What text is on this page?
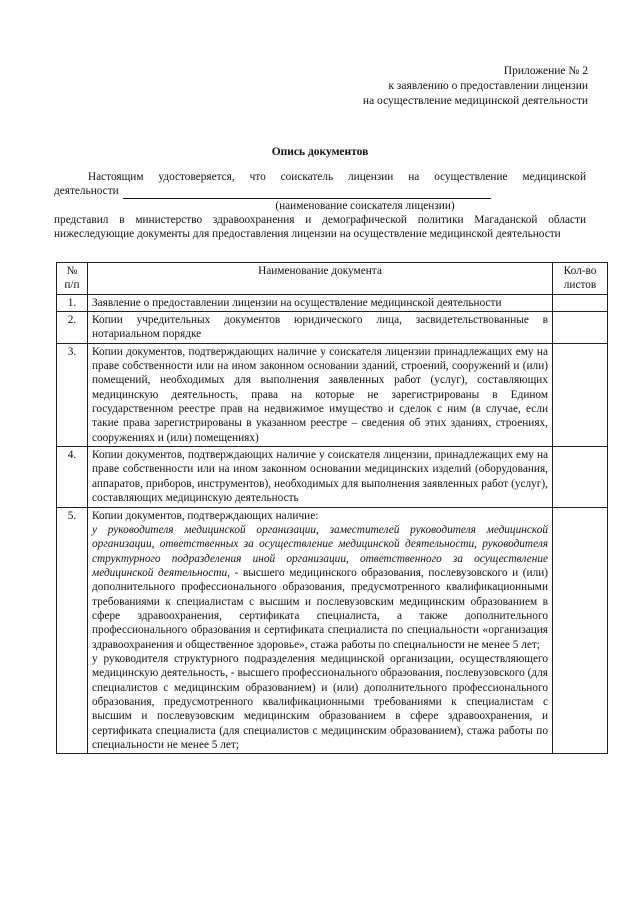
Приложение № 2
к заявлению о предоставлении лицензии
на осуществление медицинской деятельности
Опись документов
Настоящим удостоверяется, что соискатель лицензии на осуществление медицинской
деятельности
(наименование соискателя лицензии)
представил в министерство здравоохранения и демографической политики Магаданской области нижеследующие документы для предоставления лицензии на осуществление медицинской деятельности
№ п/п	Наименование документа	Кол-во листов
1.	Заявление о предоставлении лицензии на осуществление медицинской деятельности	
2.	Копии учредительных документов юридического лица, засвидетельствованные в нотариальном порядке	
3.	Копии документов, подтверждающих наличие у соискателя лицензии принадлежащих ему на праве собственности или на ином законном основании зданий, строений, сооружений и (или) помещений, необходимых для выполнения заявленных работ (услуг), составляющих медицинскую деятельность, права на которые не зарегистрированы в Едином государственном реестре прав на недвижимое имущество и сделок с ним (в случае, если такие права зарегистрированы в указанном реестре – сведения об этих зданиях, строениях, сооружениях и (или) помещениях)	
4.	Копии документов, подтверждающих наличие у соискателя лицензии, принадлежащих ему на праве собственности или на ином законном основании медицинских изделий (оборудования, аппаратов, приборов, инструментов), необходимых для выполнения заявленных работ (услуг), составляющих медицинскую деятельность	
5.	Копии документов, подтверждающих наличие:
у руководителя медицинской организации, заместителей руководителя медицинской организации, ответственных за осуществление медицинской деятельности, руководителя структурного подразделения иной организации, ответственного за осуществление медицинской деятельности, - высшего медицинского образования, послевузовского и (или) дополнительного профессионального образования, предусмотренного квалификационными требованиями к специалистам с высшим и послевузовским медицинским образованием в сфере здравоохранения, сертификата специалиста, а также дополнительного профессионального образования и сертификата специалиста по специальности «организация здравоохранения и общественное здоровье», стажа работы по специальности не менее 5 лет;
у руководителя структурного подразделения медицинской организации, осуществляющего медицинскую деятельность, - высшего профессионального образования, послевузовского (для специалистов с медицинским образованием) и (или) дополнительного профессионального образования, предусмотренного квалификационными требованиями к специалистам с высшим и послевузовским медицинским образованием в сфере здравоохранения, и сертификата специалиста (для специалистов с медицинским образованием), стажа работы по специальности не менее 5 лет;	
